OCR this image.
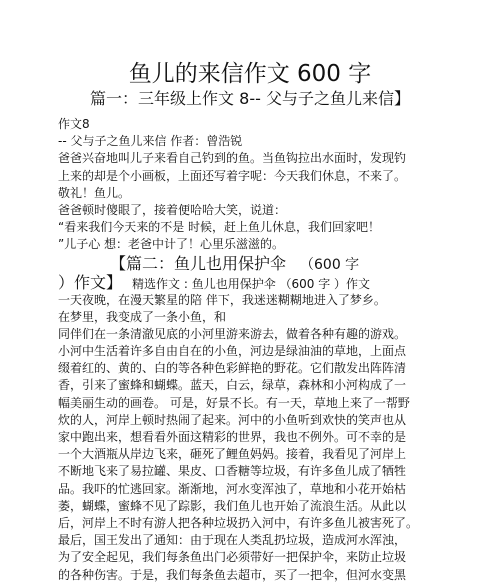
鱼儿的来信作文 600 字
篇一：三年级上作文 8-- 父与子之鱼儿来信】
作文8
-- 父与子之鱼儿来信 作者：曾浩锐
爸爸兴奋地叫儿子来看自己钓到的鱼。当鱼钩拉出水面时，发现钓
上来的却是个小画板，上面还写着字呢：今天我们休息，不来了。
敬礼！鱼儿。
爸爸顿时傻眼了，接着便哈哈大笑，说道：
“看来我们今天来的不是 时候，赶上鱼儿休息，我们回家吧！
”儿子心 想：老爸中计了！心里乐滋滋的。
【篇二：鱼儿也用保护伞 （600 字
）作文】 精选作文 : 鱼儿也用保护伞 （600 字 ）作文
一天夜晚，在漫天繁星的陪 伴下，我迷迷糊糊地进入了梦乡。
在梦里，我变成了一条小鱼，和
同伴们在一条清澈见底的小河里游来游去，做着各种有趣的游戏。
小河中生活着许多自由自在的小鱼，河边是绿油油的草地，上面点
缀着红的、黄的、白的等各种色彩鲜艳的野花。它们散发出阵阵清
香，引来了蜜蜂和蝴蝶。蓝天，白云，绿草，森林和小河构成了一
幅美丽生动的画卷。 可是，好景不长。有一天，草地上来了一帮野
炊的人，河岸上顿时热闹了起来。河中的小鱼听到欢快的笑声也从
家中跑出来，想看看外面这精彩的世界，我也不例外。可不幸的是
一个大酒瓶从岸边飞来，砸死了鲤鱼妈妈。接着，我看见了河岸上
不断地飞来了易拉罐、果皮、口香糖等垃圾，有许多鱼儿成了牺牲
品。我吓的忙逃回家。渐渐地，河水变浑浊了，草地和小花开始枯
萎，蝴蝶，蜜蜂不见了踪影，我们鱼儿也开始了流浪生活。从此以
后，河岸上不时有游人把各种垃圾扔入河中，有许多鱼儿被害死了。
最后，国王发出了通知：由于现在人类乱扔垃圾，造成河水浑浊，
为了安全起见，我们每条鱼出门必须带好一把保护伞，来防止垃圾
的各种伤害。于是，我们每条鱼去超市，买了一把伞，但河水变黑
